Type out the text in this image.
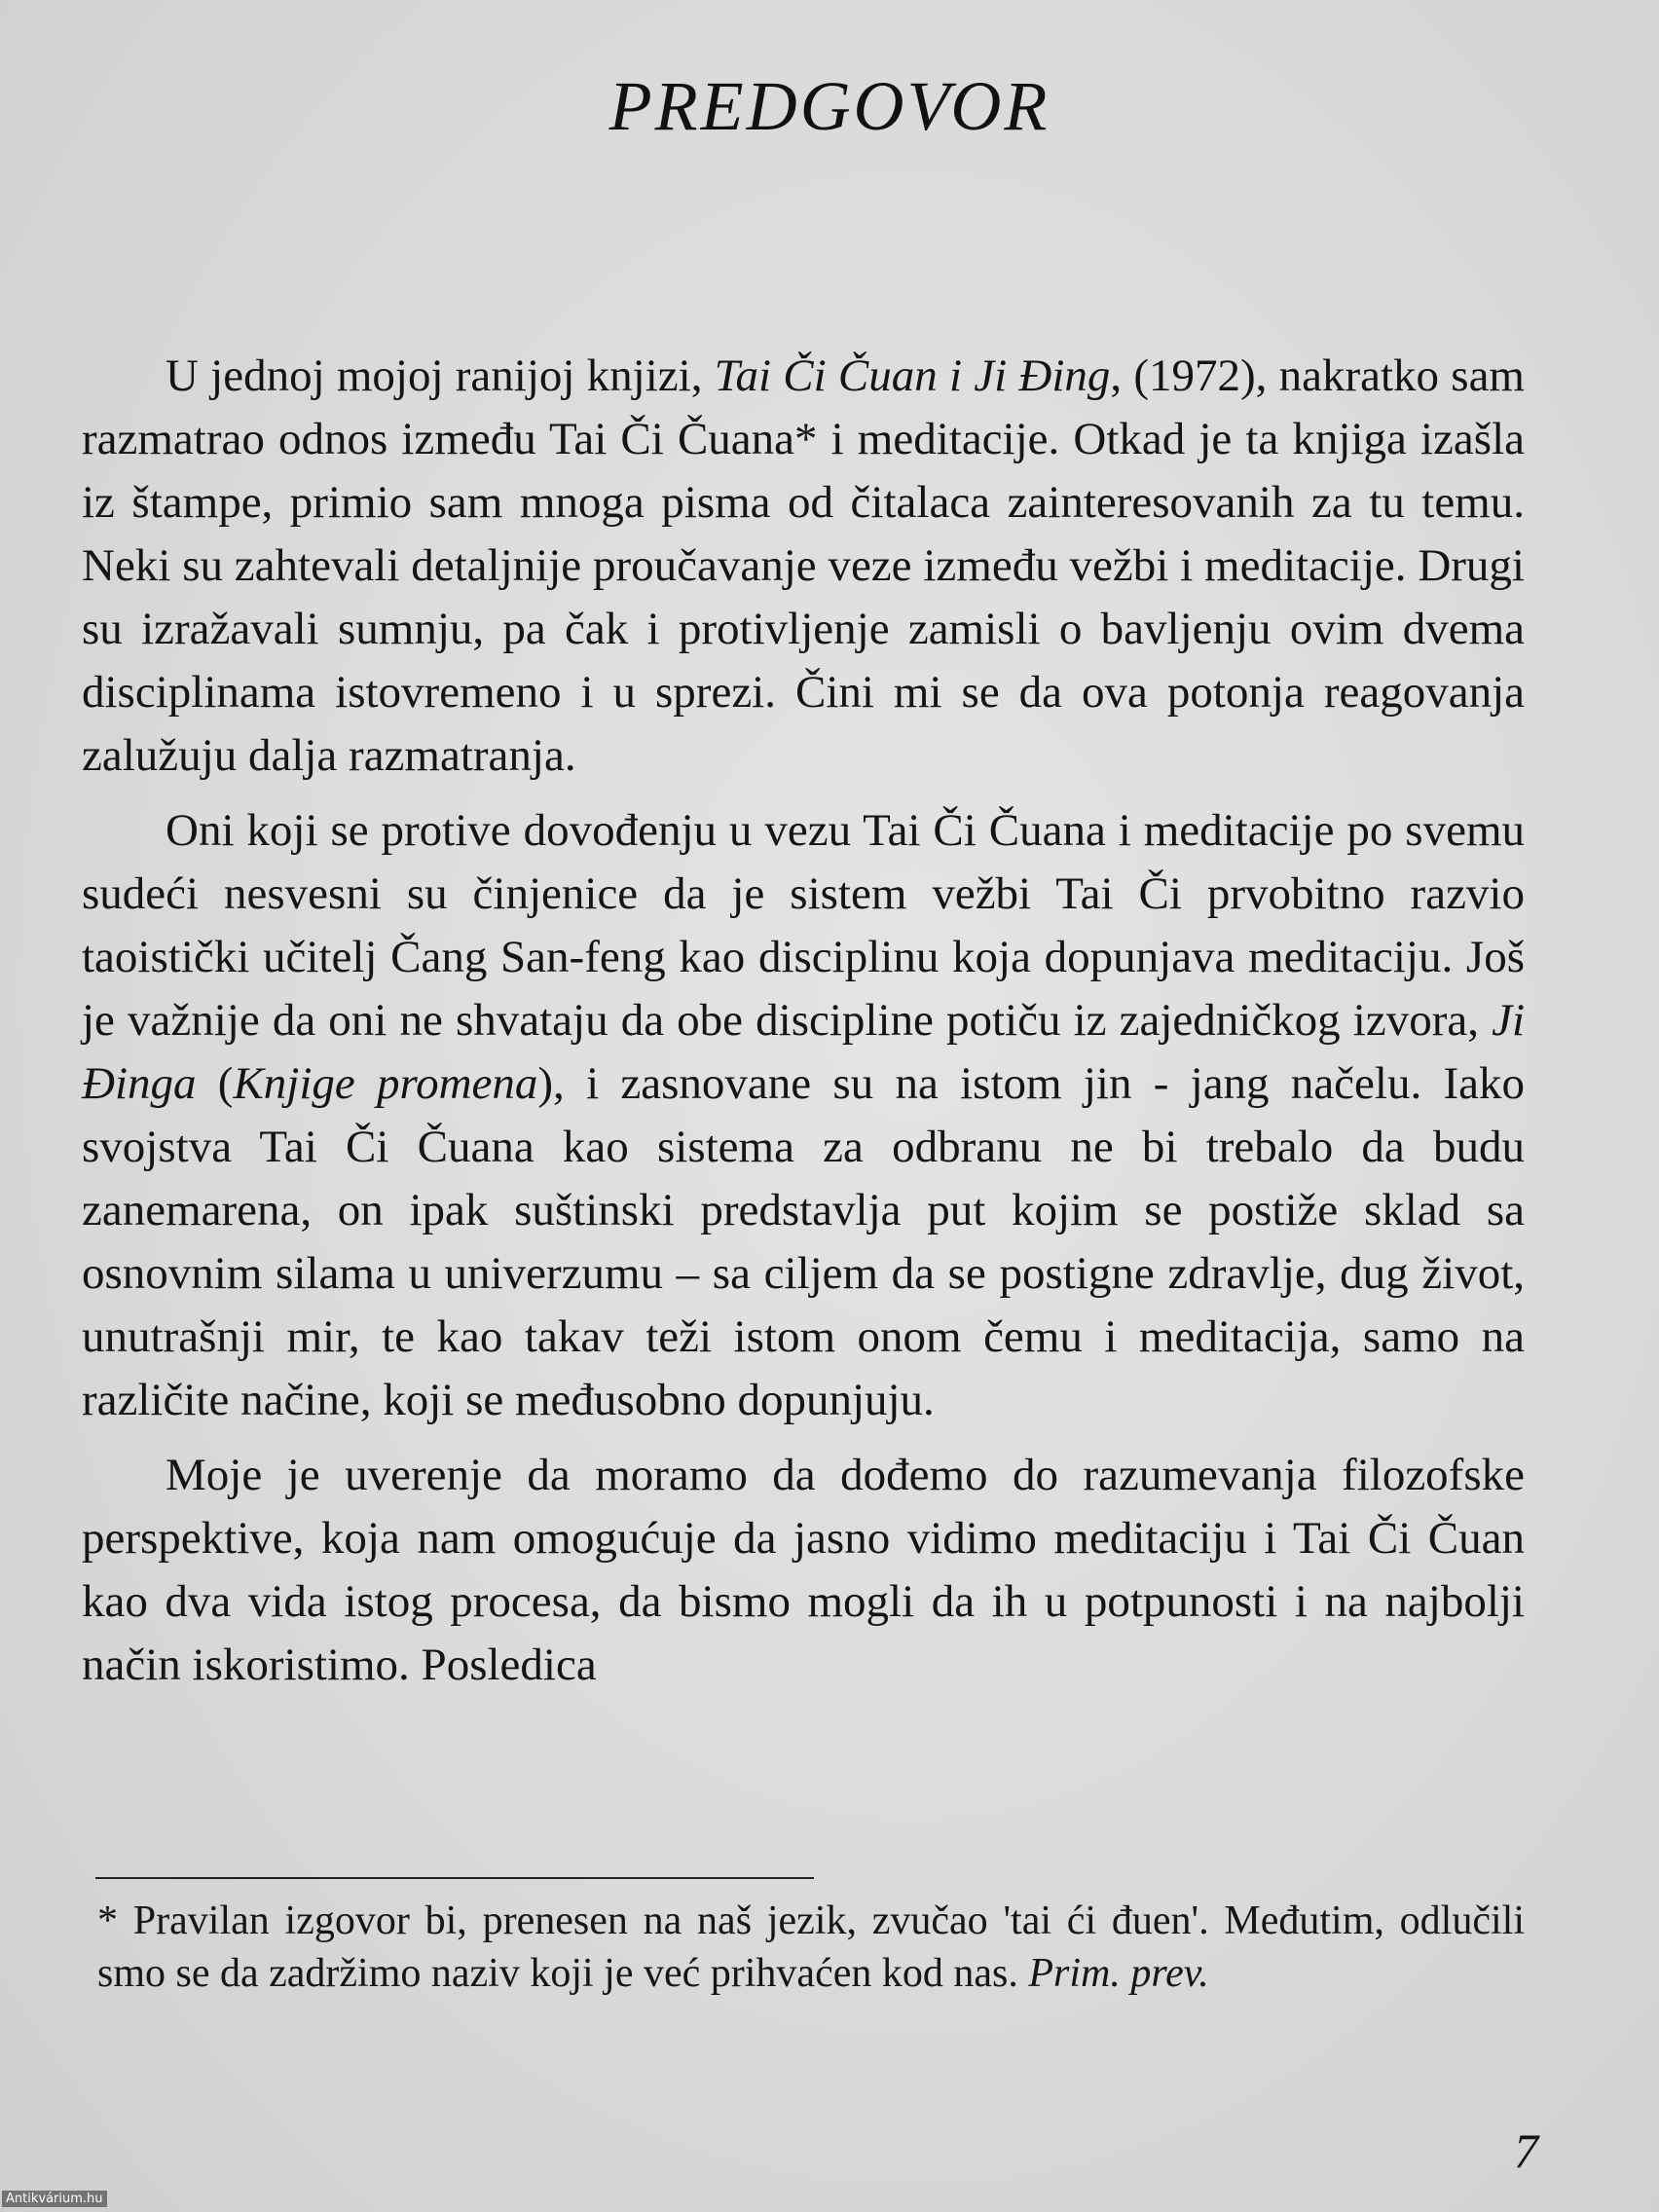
PREDGOVOR

U jednoj mojoj ranijoj knjizi, Tai Či Čuan i Ji Đing, (1972), nakratko sam razmatrao odnos između Tai Či Čuana* i meditacije. Otkad je ta knjiga izašla iz štampe, primio sam mnoga pisma od čitalaca zainteresovanih za tu temu. Neki su zahtevali detaljnije proučavanje veze između vežbi i meditacije. Drugi su izražavali sumnju, pa čak i protivljenje zamisli o bavljenju ovim dvema disciplinama istovremeno i u sprezi. Čini mi se da ova potonja reagovanja zalužuju dalja razmatranja.

Oni koji se protive dovođenju u vezu Tai Či Čuana i meditacije po svemu sudeći nesvesni su činjenice da je sistem vežbi Tai Či prvobitno razvio taoistički učitelj Čang San-feng kao disciplinu koja dopunjava meditaciju. Još je važnije da oni ne shvataju da obe discipline potiču iz zajedničkog izvora, Ji Đinga (Knjige promena), i zasnovane su na istom jin - jang načelu. Iako svojstva Tai Či Čuana kao sistema za odbranu ne bi trebalo da budu zanemarena, on ipak suštinski predstavlja put kojim se postiže sklad sa osnovnim silama u univerzumu – sa ciljem da se postigne zdravlje, dug život, unutrašnji mir, te kao takav teži istom onom čemu i meditacija, samo na različite načine, koji se međusobno dopunjuju.

Moje je uverenje da moramo da dođemo do razumevanja filozofske perspektive, koja nam omogućuje da jasno vidimo meditaciju i Tai Či Čuan kao dva vida istog procesa, da bismo mogli da ih u potpunosti i na najbolji način iskoristimo. Posledica

* Pravilan izgovor bi, prenesen na naš jezik, zvučao 'tai ći đuen'. Međutim, odlučili smo se da zadržimo naziv koji je već prihvaćen kod nas. Prim. prev.

7
Antikvárium.hu
